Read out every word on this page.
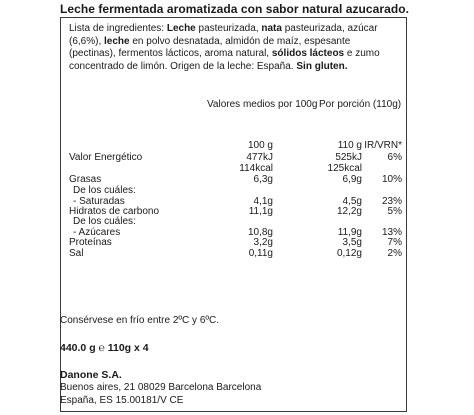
Leche fermentada aromatizada con sabor natural azucarado.
Lista de ingredientes: Leche pasteurizada, nata pasteurizada, azúcar (6,6%), leche en polvo desnatada, almidón de maíz, espesante (pectinas), fermentos lácticos, aroma natural, sólidos lácteos e zumo concentrado de limón. Origen de la leche: España. Sin gluten.
Valores medios por 100g Por porción (110g)
100 g	110 g IR/VRN*
Valor Energético	477kJ	525kJ	6%
114kcal	125kcal
Grasas	6,3g	6,9g 10%
De los cuáles:
- Saturadas	4,1g	4,5g 23%
Hidratos de carbono	11,1g	12,2g	5%
De los cuáles:
- Azúcares	10,8g	11,9g 13%
Proteínas	3,2g	3,5g	7%
Sal	0,11g	0,12g	2%
Consérvese en frío entre 2ºC y 6ºC.
440.0 g ℮ 110g x 4
Danone S.A.
Buenos aires, 21 08029 Barcelona Barcelona
España, ES 15.00181/V CE
